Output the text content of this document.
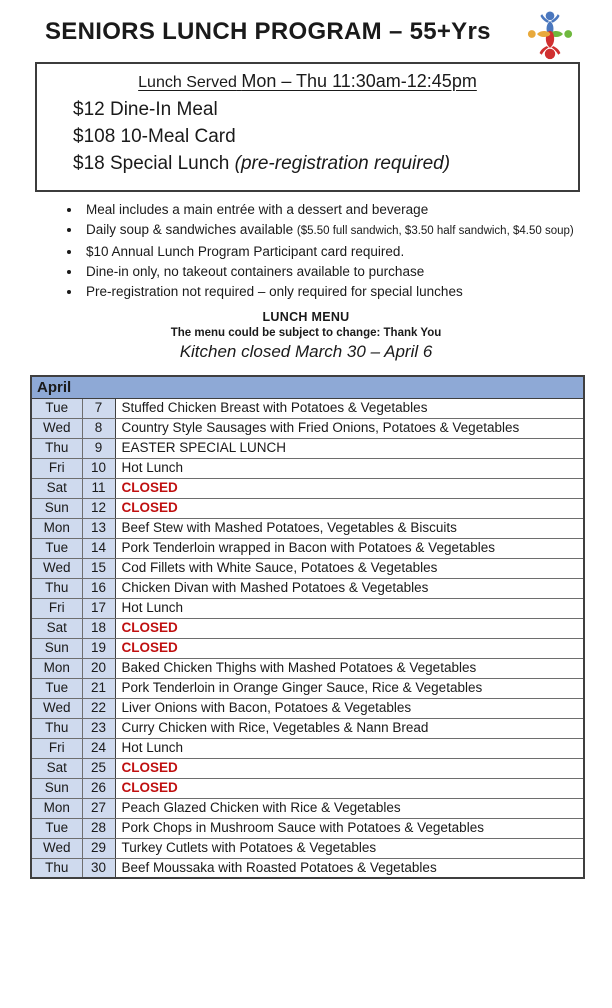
SENIORS LUNCH PROGRAM – 55+Yrs
Lunch Served Mon – Thu 11:30am-12:45pm
$12 Dine-In Meal
$108 10-Meal Card
$18 Special Lunch (pre-registration required)
• Meal includes a main entrée with a dessert and beverage
• Daily soup & sandwiches available ($5.50 full sandwich, $3.50 half sandwich, $4.50 soup)
• $10 Annual Lunch Program Participant card required.
• Dine-in only, no takeout containers available to purchase
• Pre-registration not required – only required for special lunches
LUNCH MENU
The menu could be subject to change: Thank You
Kitchen closed March 30 – April 6
April		
Tue	7	Stuffed Chicken Breast with Potatoes & Vegetables
Wed	8	Country Style Sausages with Fried Onions, Potatoes & Vegetables
Thu	9	EASTER SPECIAL LUNCH
Fri	10	Hot Lunch
Sat	11	CLOSED
Sun	12	CLOSED
Mon	13	Beef Stew with Mashed Potatoes, Vegetables & Biscuits
Tue	14	Pork Tenderloin wrapped in Bacon with Potatoes & Vegetables
Wed	15	Cod Fillets with White Sauce, Potatoes & Vegetables
Thu	16	Chicken Divan with Mashed Potatoes & Vegetables
Fri	17	Hot Lunch
Sat	18	CLOSED
Sun	19	CLOSED
Mon	20	Baked Chicken Thighs with Mashed Potatoes & Vegetables
Tue	21	Pork Tenderloin in Orange Ginger Sauce, Rice & Vegetables
Wed	22	Liver Onions with Bacon, Potatoes & Vegetables
Thu	23	Curry Chicken with Rice, Vegetables & Nann Bread
Fri	24	Hot Lunch
Sat	25	CLOSED
Sun	26	CLOSED
Mon	27	Peach Glazed Chicken with Rice & Vegetables
Tue	28	Pork Chops in Mushroom Sauce with Potatoes & Vegetables
Wed	29	Turkey Cutlets with Potatoes & Vegetables
Thu	30	Beef Moussaka with Roasted Potatoes & Vegetables
